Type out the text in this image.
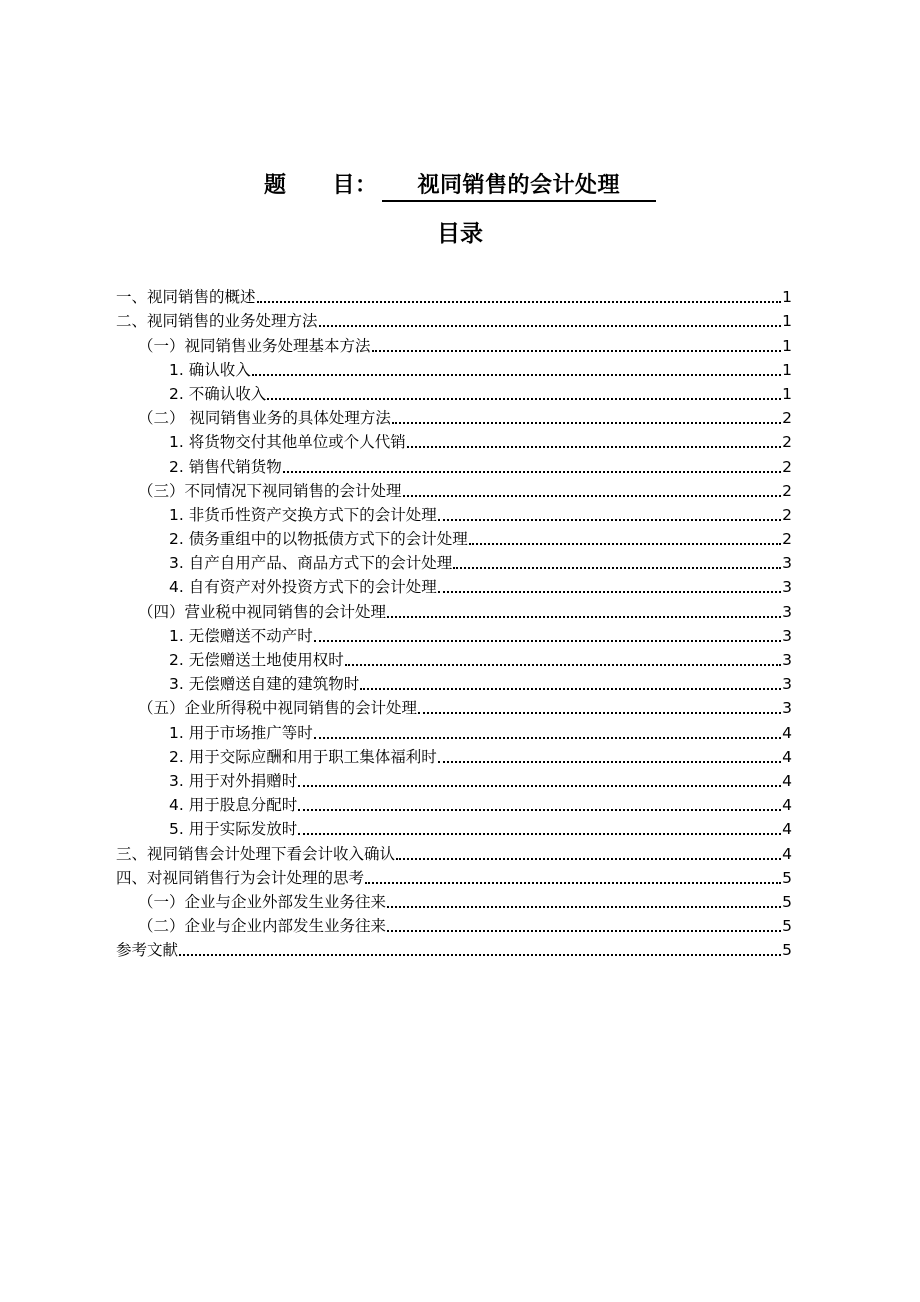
题 目： 视同销售的会计处理
目录
一、视同销售的概述	1
二、视同销售的业务处理方法	1
（一）视同销售业务处理基本方法	1
1. 确认收入	1
2. 不确认收入	1
（二） 视同销售业务的具体处理方法	2
1. 将货物交付其他单位或个人代销	2
2. 销售代销货物	2
（三）不同情况下视同销售的会计处理	2
1. 非货币性资产交换方式下的会计处理	2
2. 债务重组中的以物抵债方式下的会计处理	2
3. 自产自用产品、商品方式下的会计处理	3
4. 自有资产对外投资方式下的会计处理	3
（四）营业税中视同销售的会计处理	3
1. 无偿赠送不动产时	3
2. 无偿赠送土地使用权时	3
3. 无偿赠送自建的建筑物时	3
（五）企业所得税中视同销售的会计处理	3
1. 用于市场推广等时	4
2. 用于交际应酬和用于职工集体福利时	4
3. 用于对外捐赠时	4
4. 用于股息分配时	4
5. 用于实际发放时	4
三、视同销售会计处理下看会计收入确认	4
四、对视同销售行为会计处理的思考	5
（一）企业与企业外部发生业务往来	5
（二）企业与企业内部发生业务往来	5
参考文献	5
